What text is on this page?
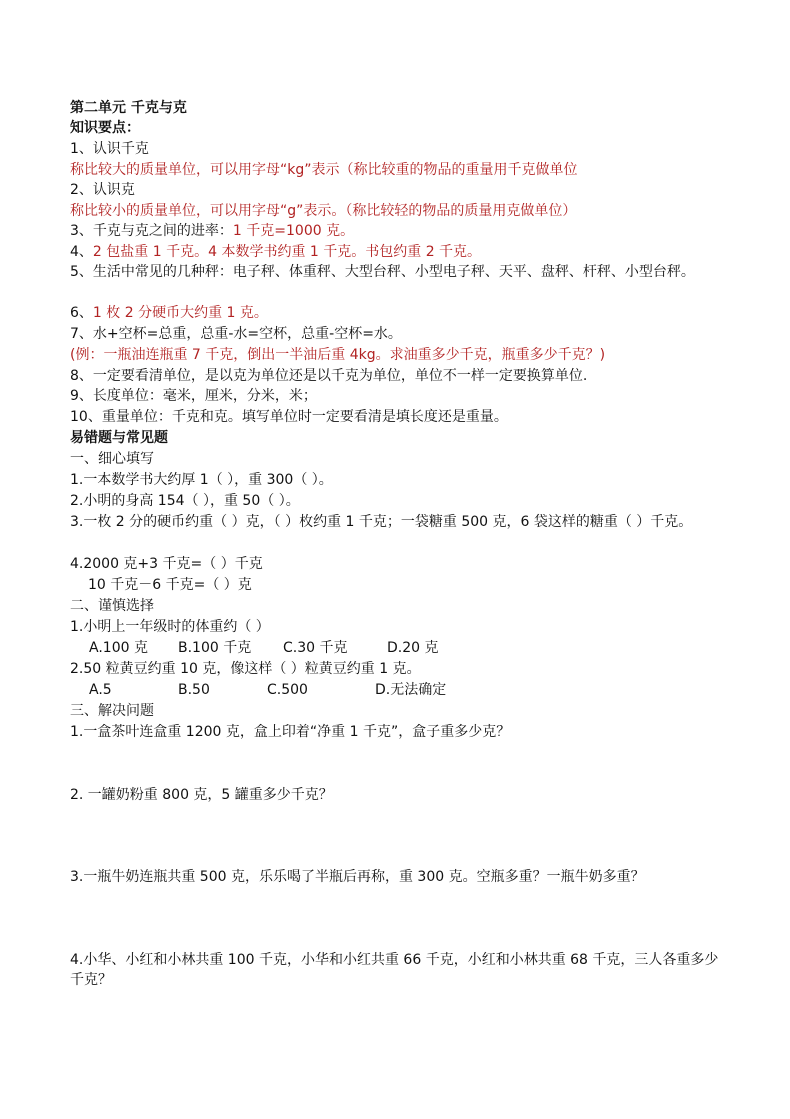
第二单元 千克与克
知识要点：
1、认识千克
称比较大的质量单位，可以用字母“kg”表示（称比较重的物品的重量用千克做单位
2、认识克
称比较小的质量单位，可以用字母“g”表示。（称比较轻的物品的质量用克做单位）
3、千克与克之间的进率：1 千克=1000 克。
4、2 包盐重 1 千克。4 本数学书约重 1 千克。书包约重 2 千克。
5、生活中常见的几种秤：电子秤、体重秤、大型台秤、小型电子秤、天平、盘秤、杆秤、小型台秤。
6、1 枚 2 分硬币大约重 1 克。
7、水+空杯=总重，总重-水=空杯，总重-空杯=水。
(例：一瓶油连瓶重 7 千克，倒出一半油后重 4kg。求油重多少千克，瓶重多少千克？)
8、一定要看清单位，是以克为单位还是以千克为单位，单位不一样一定要换算单位.
9、长度单位：毫米，厘米，分米，米；
10、重量单位：千克和克。填写单位时一定要看清是填长度还是重量。
易错题与常见题
一、细心填写
1.一本数学书大约厚 1（ ），重 300（ ）。
2.小明的身高 154（ ），重 50（ ）。
3.一枚 2 分的硬币约重（ ）克，（ ）枚约重 1 千克；一袋糖重 500 克，6 袋这样的糖重（ ）千克。
4.2000 克+3 千克=（ ）千克
10 千克－6 千克=（ ）克
二、谨慎选择
1.小明上一年级时的体重约（ ）
A.100 克 B.100 千克 C.30 千克	D.20 克
2.50 粒黄豆约重 10 克，像这样（ ）粒黄豆约重 1 克。
A.5	B.50	C.500	D.无法确定
三、解决问题
1.一盒茶叶连盒重 1200 克，盒上印着“净重 1 千克”，盒子重多少克？
2. 一罐奶粉重 800 克，5 罐重多少千克？
3.一瓶牛奶连瓶共重 500 克，乐乐喝了半瓶后再称，重 300 克。空瓶多重？一瓶牛奶多重？
4.小华、小红和小林共重 100 千克，小华和小红共重 66 千克，小红和小林共重 68 千克，三人各重多少千克？
